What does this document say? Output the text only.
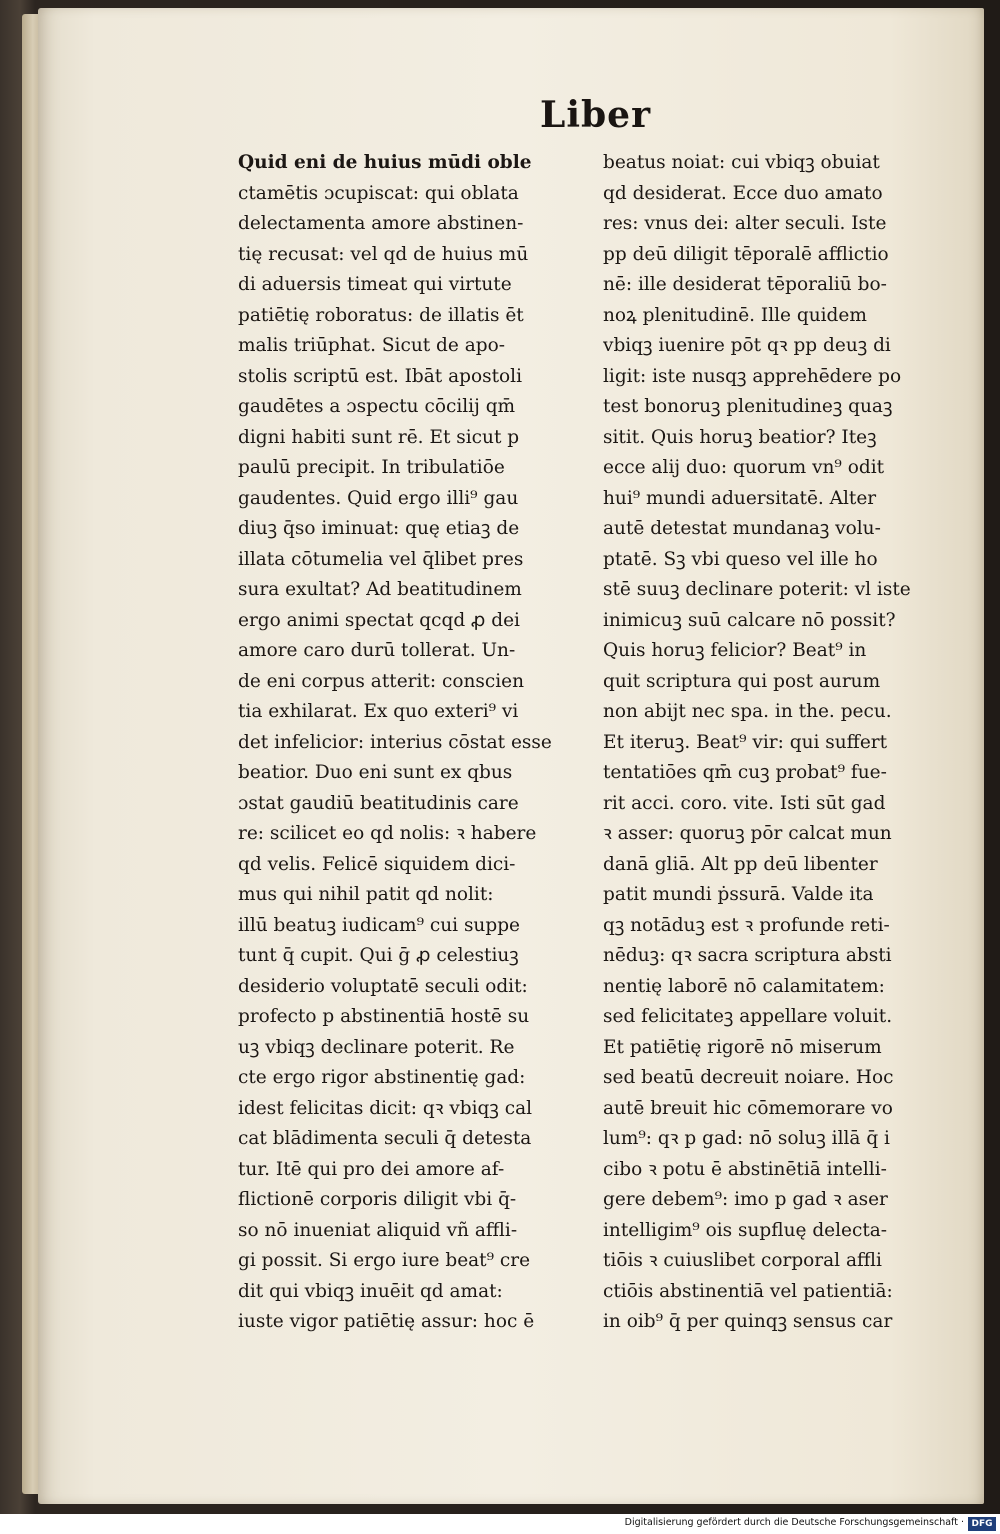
Liber
Quid eni de huius mūdi oble
ctamētis ɔcupiscat: qui oblata
delectamenta amore abstinen-
tię recusat: vel qd de huius mū
di aduersis timeat qui virtute
patiētię roboratus: de illatis ēt
malis triūphat. Sicut de apo-
stolis scriptū est. Ibāt apostoli
gaudētes a ɔspectu cōcilij qm̄
digni habiti sunt rē. Et sicut p
paulū precipit. In tribulatiōe
gaudentes. Quid ergo illi⁹ gau
diuꝫ q̄so iminuat: quę etiaꝫ de
illata cōtumelia vel q̄libet pres
sura exultat? Ad beatitudinem
ergo animi spectat qcqd ꝓ dei
amore caro durū tollerat. Un-
de eni corpus atterit: conscien
tia exhilarat. Ex quo exteri⁹ vi
det infelicior: interius cōstat esse
beatior. Duo eni sunt ex qbus
ɔstat gaudiū beatitudinis care
re: scilicet eo qd nolis: ꝛ habere
qd velis. Felicē siquidem dici-
mus qui nihil patit qd nolit:
illū beatuꝫ iudicam⁹ cui suppe
tunt q̄ cupit. Qui ḡ ꝓ celestiuꝫ
desiderio voluptatē seculi odit:
profecto p abstinentiā hostē su
uꝫ vbiqꝫ declinare poterit. Re
cte ergo rigor abstinentię gad:
idest felicitas dicit: qꝛ vbiqꝫ cal
cat blādimenta seculi q̄ detesta
tur. Itē qui pro dei amore af-
flictionē corporis diligit vbi q̄-
so nō inueniat aliquid vñ affli-
gi possit. Si ergo iure beat⁹ cre
dit qui vbiqꝫ inuēit qd amat:
iuste vigor patiētię assur: hoc ē
beatus noiat: cui vbiqꝫ obuiat
qd desiderat. Ecce duo amato
res: vnus dei: alter seculi. Iste
pp deū diligit tēporalē afflictio
nē: ille desiderat tēporaliū bo-
noꝝ plenitudinē. Ille quidem
vbiqꝫ iuenire pōt qꝛ pp deuꝫ di
ligit: iste nusqꝫ apprehēdere po
test bonoruꝫ plenitudineꝫ quaꝫ
sitit. Quis horuꝫ beatior? Iteꝫ
ecce alij duo: quorum vn⁹ odit
hui⁹ mundi aduersitatē. Alter
autē detestat mundanaꝫ volu-
ptatē. Sꝫ vbi queso vel ille ho
stē suuꝫ declinare poterit: vl iste
inimicuꝫ suū calcare nō possit?
Quis horuꝫ felicior? Beat⁹ in
quit scriptura qui post aurum
non abijt nec spa. in the. pecu.
Et iteruꝫ. Beat⁹ vir: qui suffert
tentatiōes qm̄ cuꝫ probat⁹ fue-
rit acci. coro. vite. Isti sūt gad
ꝛ asser: quoruꝫ pōr calcat mun
danā gliā. Alt pp deū libenter
patit mundi ṗssurā. Valde ita
qꝫ notāduꝫ est ꝛ profunde reti-
nēduꝫ: qꝛ sacra scriptura absti
nentię laborē nō calamitatem:
sed felicitateꝫ appellare voluit.
Et patiētię rigorē nō miserum
sed beatū decreuit noiare. Hoc
autē breuit hic cōmemorare vo
lum⁹: qꝛ p gad: nō soluꝫ illā q̄ i
cibo ꝛ potu ē abstinētiā intelli-
gere debem⁹: imo p gad ꝛ aser
intelligim⁹ ois supfluę delecta-
tiōis ꝛ cuiuslibet corporal affli
ctiōis abstinentiā vel patientiā:
in oib⁹ q̄ per quinqꝫ sensus car
Digitalisierung gefördert durch die Deutsche Forschungsgemeinschaft · DFG
